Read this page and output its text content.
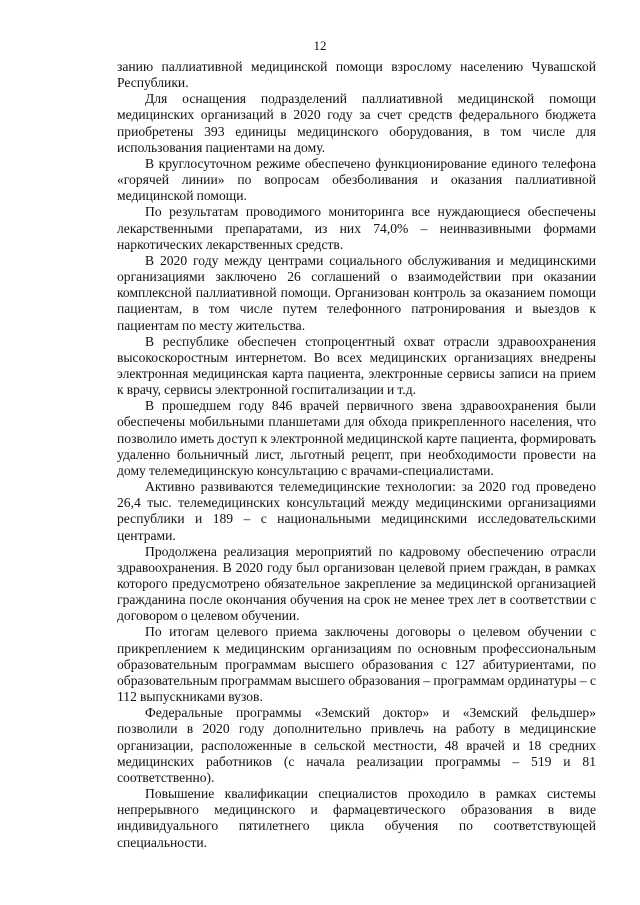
12

занию паллиативной медицинской помощи взрослому населению Чувашской Республики.

Для оснащения подразделений паллиативной медицинской помощи медицинских организаций в 2020 году за счет средств федерального бюджета приобретены 393 единицы медицинского оборудования, в том числе для использования пациентами на дому.

В круглосуточном режиме обеспечено функционирование единого телефона «горячей линии» по вопросам обезболивания и оказания паллиативной медицинской помощи.

По результатам проводимого мониторинга все нуждающиеся обеспечены лекарственными препаратами, из них 74,0% – неинвазивными формами наркотических лекарственных средств.

В 2020 году между центрами социального обслуживания и медицинскими организациями заключено 26 соглашений о взаимодействии при оказании комплексной паллиативной помощи. Организован контроль за оказанием помощи пациентам, в том числе путем телефонного патронирования и выездов к пациентам по месту жительства.

В республике обеспечен стопроцентный охват отрасли здравоохранения высокоскоростным интернетом. Во всех медицинских организациях внедрены электронная медицинская карта пациента, электронные сервисы записи на прием к врачу, сервисы электронной госпитализации и т.д.

В прошедшем году 846 врачей первичного звена здравоохранения были обеспечены мобильными планшетами для обхода прикрепленного населения, что позволило иметь доступ к электронной медицинской карте пациента, формировать удаленно больничный лист, льготный рецепт, при необходимости провести на дому телемедицинскую консультацию с врачами-специалистами.

Активно развиваются телемедицинские технологии: за 2020 год проведено 26,4 тыс. телемедицинских консультаций между медицинскими организациями республики и 189 – с национальными медицинскими исследовательскими центрами.

Продолжена реализация мероприятий по кадровому обеспечению отрасли здравоохранения. В 2020 году был организован целевой прием граждан, в рамках которого предусмотрено обязательное закрепление за медицинской организацией гражданина после окончания обучения на срок не менее трех лет в соответствии с договором о целевом обучении.

По итогам целевого приема заключены договоры о целевом обучении с прикреплением к медицинским организациям по основным профессиональным образовательным программам высшего образования с 127 абитуриентами, по образовательным программам высшего образования – программам ординатуры – с 112 выпускниками вузов.

Федеральные программы «Земский доктор» и «Земский фельдшер» позволили в 2020 году дополнительно привлечь на работу в медицинские организации, расположенные в сельской местности, 48 врачей и 18 средних медицинских работников (с начала реализации программы – 519 и 81 соответственно).

Повышение квалификации специалистов проходило в рамках системы непрерывного медицинского и фармацевтического образования в виде индивидуального пятилетнего цикла обучения по соответствующей специальности.
